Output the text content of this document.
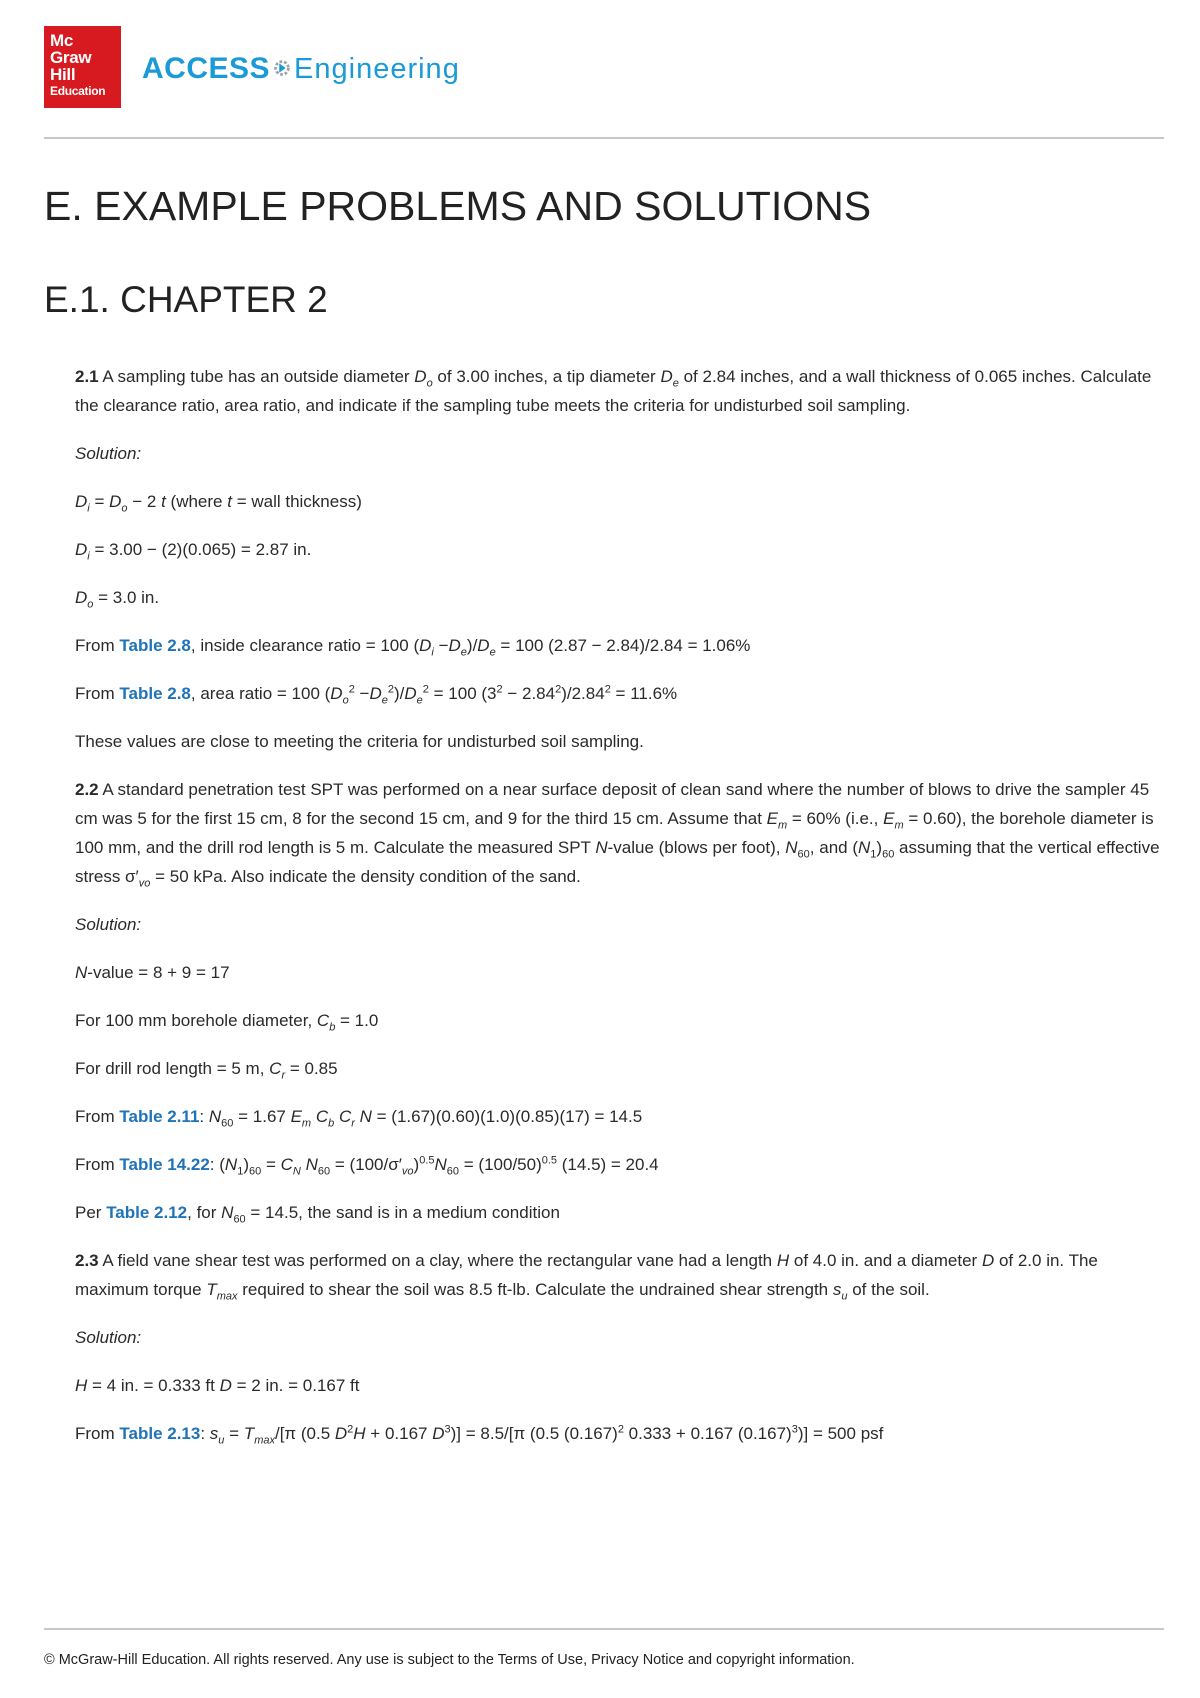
Mc
Graw
Hill
Education
ACCESS Engineering
E. EXAMPLE PROBLEMS AND SOLUTIONS
E.1. CHAPTER 2

2.1 A sampling tube has an outside diameter $D_o$ of 3.00 inches, a tip diameter $D_e$ of 2.84 inches, and a wall thickness of 0.065 inches. Calculate the clearance ratio, area ratio, and indicate if the sampling tube meets the criteria for undisturbed soil sampling.

Solution:

$D_i = D_o - 2$ t (where t = wall thickness)

$D_i = 3.00 - (2)(0.065) = 2.87$ in.

$D_o = 3.0$ in.

From Table 2.8, inside clearance ratio = 100 $(D_i -D_e)/D_e = 100$ (2.87 − 2.84)/2.84 = 1.06%

From Table 2.8, area ratio = 100 $(D_o^2 -D_e^2)/D_e^2 = 100$ $(3^2 - 2.84^2)/2.84^2 = 11.6\%$

These values are close to meeting the criteria for undisturbed soil sampling.

2.2 A standard penetration test SPT was performed on a near surface deposit of clean sand where the number of blows to drive the sampler 45 cm was 5 for the first 15 cm, 8 for the second 15 cm, and 9 for the third 15 cm. Assume that $E_m = 60\%$ (i.e., $E_m = 0.60$), the borehole diameter is 100 mm, and the drill rod length is 5 m. Calculate the measured SPT N-value (blows per foot), $N_{60}$, and $(N_1)_{60}$ assuming that the vertical effective stress $\sigma'_{vo} = 50$ kPa. Also indicate the density condition of the sand.

Solution:

N-value = 8 + 9 = 17

For 100 mm borehole diameter, $C_b = 1.0$

For drill rod length = 5 m, $C_r = 0.85$

From Table 2.11: $N_{60} = 1.67$ $E_m$ $C_b$ $C_r$ N = (1.67)(0.60)(1.0)(0.85)(17) = 14.5

From Table 14.22: $(N_1)_{60} = C_N$ $N_{60} = (100/\sigma'_{vo})^{0.5}N_{60} = (100/50)^{0.5}$ (14.5) = 20.4

Per Table 2.12, for $N_{60} = 14.5$, the sand is in a medium condition

2.3 A field vane shear test was performed on a clay, where the rectangular vane had a length H of 4.0 in. and a diameter D of 2.0 in. The maximum torque $T_{max}$ required to shear the soil was 8.5 ft-lb. Calculate the undrained shear strength $s_u$ of the soil.

Solution:

H = 4 in. = 0.333 ft D = 2 in. = 0.167 ft

From Table 2.13: $s_u = T_{max}/[\pi$ (0.5 $D^2H + 0.167$ $D^3)] = 8.5/[\pi$ (0.5 $(0.167)^2$ 0.333 + 0.167 $(0.167)^3)] = 500$ psf

© McGraw-Hill Education. All rights reserved. Any use is subject to the Terms of Use, Privacy Notice and copyright information.
